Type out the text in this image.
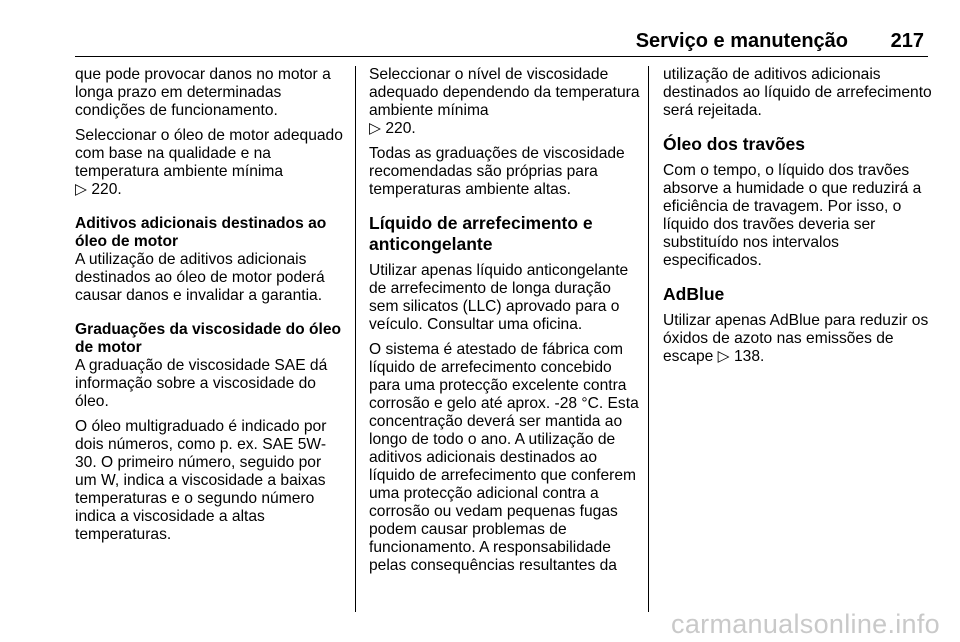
Serviço e manutenção 217

que pode provocar danos no motor a longa prazo em determinadas condições de funcionamento.

Seleccionar o óleo de motor adequado com base na qualidade e na temperatura ambiente mínima
▷ 220.

Aditivos adicionais destinados ao óleo de motor

A utilização de aditivos adicionais destinados ao óleo de motor poderá causar danos e invalidar a garantia.

Graduações da viscosidade do óleo de motor

A graduação de viscosidade SAE dá informação sobre a viscosidade do óleo.

O óleo multigraduado é indicado por dois números, como p. ex. SAE 5W-30. O primeiro número, seguido por um W, indica a viscosidade a baixas temperaturas e o segundo número indica a viscosidade a altas temperaturas.

Seleccionar o nível de viscosidade adequado dependendo da temperatura ambiente mínima
▷ 220.

Todas as graduações de viscosidade recomendadas são próprias para temperaturas ambiente altas.

Líquido de arrefecimento e anticongelante

Utilizar apenas líquido anticongelante de arrefecimento de longa duração sem silicatos (LLC) aprovado para o veículo. Consultar uma oficina.

O sistema é atestado de fábrica com líquido de arrefecimento concebido para uma protecção excelente contra corrosão e gelo até aprox. -28 °C. Esta concentração deverá ser mantida ao longo de todo o ano. A utilização de aditivos adicionais destinados ao líquido de arrefecimento que conferem uma protecção adicional contra a corrosão ou vedam pequenas fugas podem causar problemas de funcionamento. A responsabilidade pelas consequências resultantes da

utilização de aditivos adicionais destinados ao líquido de arrefecimento será rejeitada.

Óleo dos travões

Com o tempo, o líquido dos travões absorve a humidade o que reduzirá a eficiência de travagem. Por isso, o líquido dos travões deveria ser substituído nos intervalos especificados.

AdBlue

Utilizar apenas AdBlue para reduzir os óxidos de azoto nas emissões de escape ▷ 138.

carmanualsonline.info
